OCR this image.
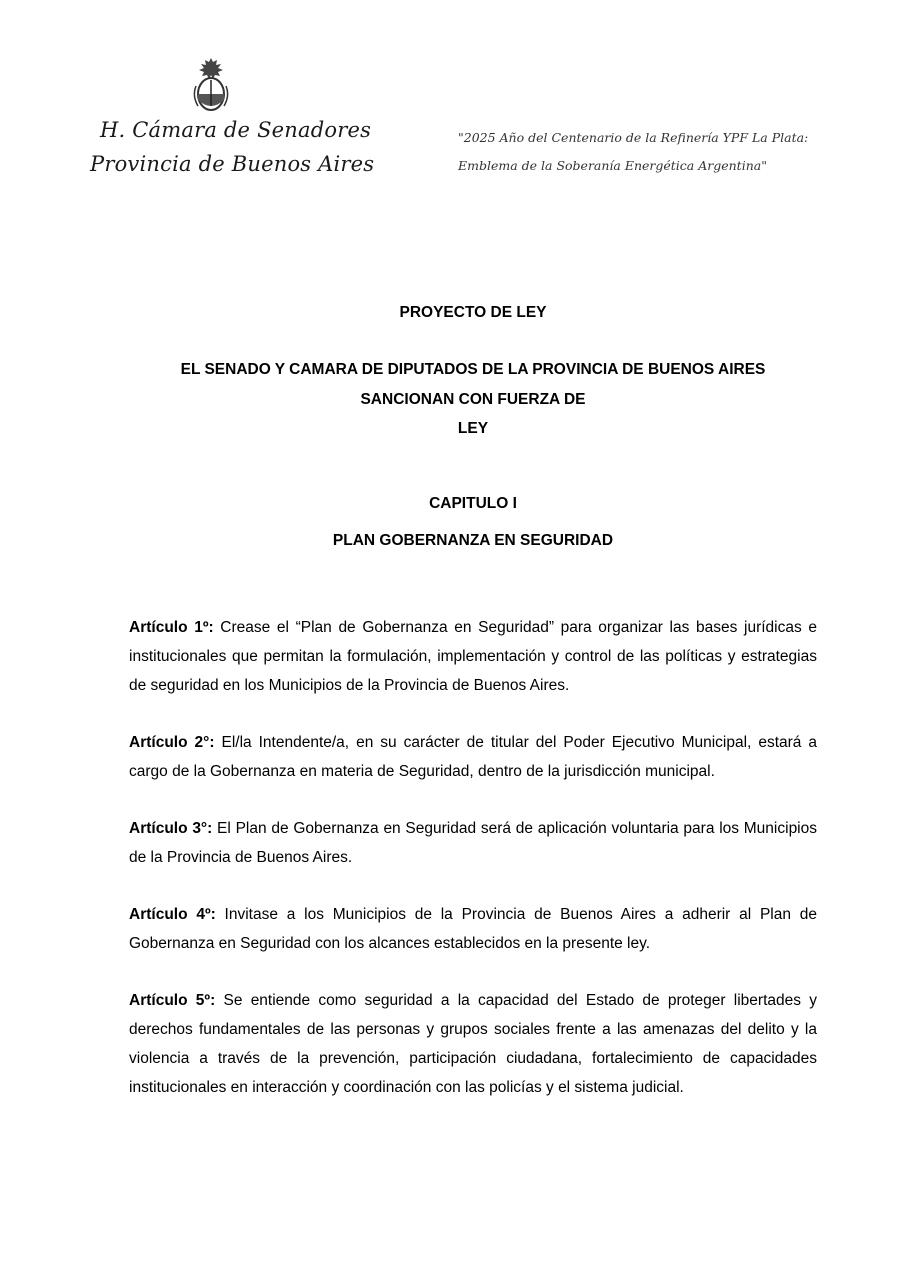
H. Cámara de Senadores
Provincia de Buenos Aires
"2025 Año del Centenario de la Refinería YPF La Plata:
Emblema de la Soberanía Energética Argentina"
PROYECTO DE LEY
EL SENADO Y CAMARA DE DIPUTADOS DE LA PROVINCIA DE BUENOS AIRES
SANCIONAN CON FUERZA DE
LEY
CAPITULO I
PLAN GOBERNANZA EN SEGURIDAD
Artículo 1º: Crease el “Plan de Gobernanza en Seguridad” para organizar las bases jurídicas e institucionales que permitan la formulación, implementación y control de las políticas y estrategias de seguridad en los Municipios de la Provincia de Buenos Aires.
Artículo 2°: El/la Intendente/a, en su carácter de titular del Poder Ejecutivo Municipal, estará a cargo de la Gobernanza en materia de Seguridad, dentro de la jurisdicción municipal.
Artículo 3°: El Plan de Gobernanza en Seguridad será de aplicación voluntaria para los Municipios de la Provincia de Buenos Aires.
Artículo 4º: Invitase a los Municipios de la Provincia de Buenos Aires a adherir al Plan de Gobernanza en Seguridad con los alcances establecidos en la presente ley.
Artículo 5º: Se entiende como seguridad a la capacidad del Estado de proteger libertades y derechos fundamentales de las personas y grupos sociales frente a las amenazas del delito y la violencia a través de la prevención, participación ciudadana, fortalecimiento de capacidades institucionales en interacción y coordinación con las policías y el sistema judicial.
